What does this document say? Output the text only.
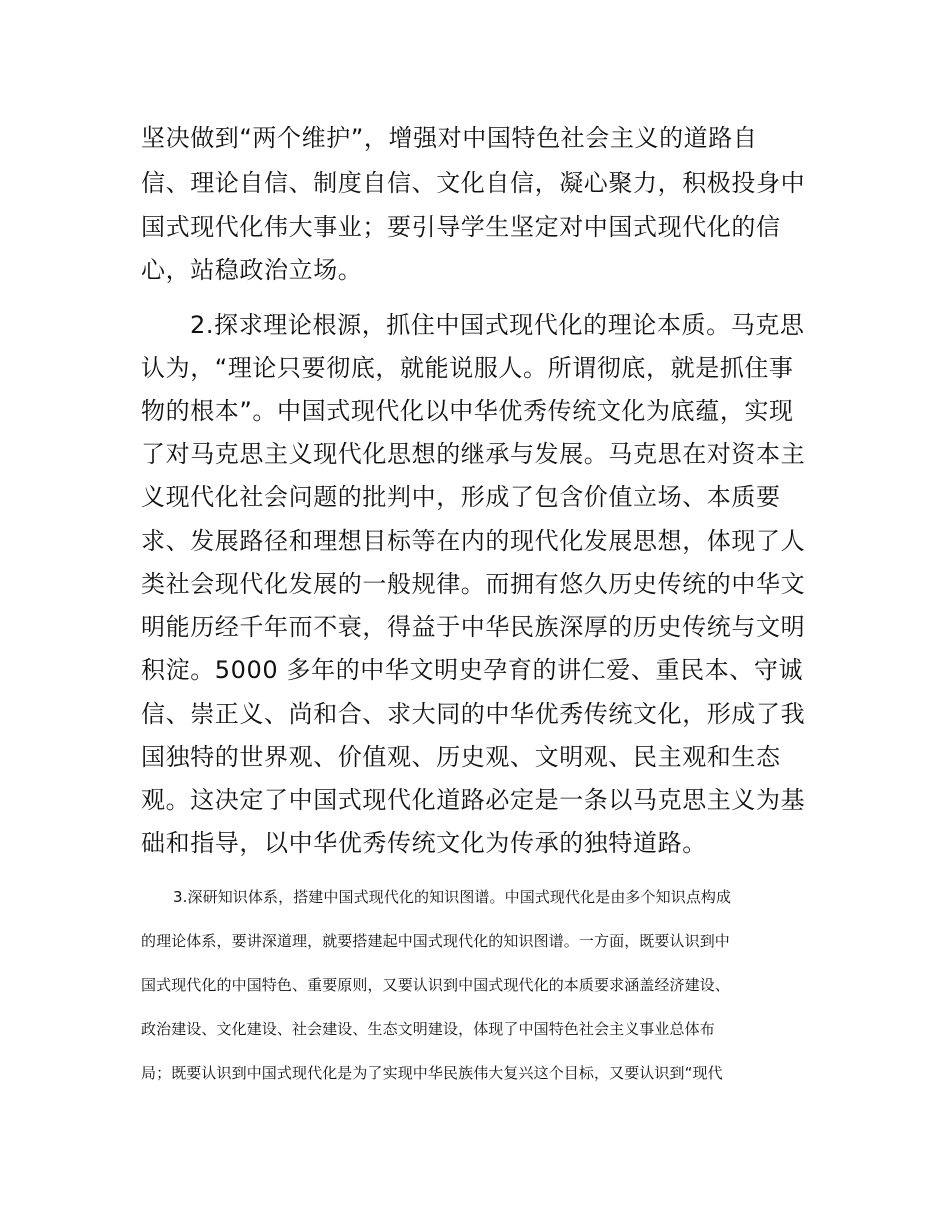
坚决做到“两个维护”，增强对中国特色社会主义的道路自

信、理论自信、制度自信、文化自信，凝心聚力，积极投身中

国式现代化伟大事业；要引导学生坚定对中国式现代化的信

心，站稳政治立场。

2.探求理论根源，抓住中国式现代化的理论本质。马克思

认为，“理论只要彻底，就能说服人。所谓彻底，就是抓住事

物的根本”。中国式现代化以中华优秀传统文化为底蕴，实现

了对马克思主义现代化思想的继承与发展。马克思在对资本主

义现代化社会问题的批判中，形成了包含价值立场、本质要

求、发展路径和理想目标等在内的现代化发展思想，体现了人

类社会现代化发展的一般规律。而拥有悠久历史传统的中华文

明能历经千年而不衰，得益于中华民族深厚的历史传统与文明

积淀。5000 多年的中华文明史孕育的讲仁爱、重民本、守诚

信、崇正义、尚和合、求大同的中华优秀传统文化，形成了我

国独特的世界观、价值观、历史观、文明观、民主观和生态

观。这决定了中国式现代化道路必定是一条以马克思主义为基

础和指导，以中华优秀传统文化为传承的独特道路。

3.深研知识体系，搭建中国式现代化的知识图谱。中国式现代化是由多个知识点构成

的理论体系，要讲深道理，就要搭建起中国式现代化的知识图谱。一方面，既要认识到中

国式现代化的中国特色、重要原则，又要认识到中国式现代化的本质要求涵盖经济建设、

政治建设、文化建设、社会建设、生态文明建设，体现了中国特色社会主义事业总体布

局；既要认识到中国式现代化是为了实现中华民族伟大复兴这个目标，又要认识到“现代
